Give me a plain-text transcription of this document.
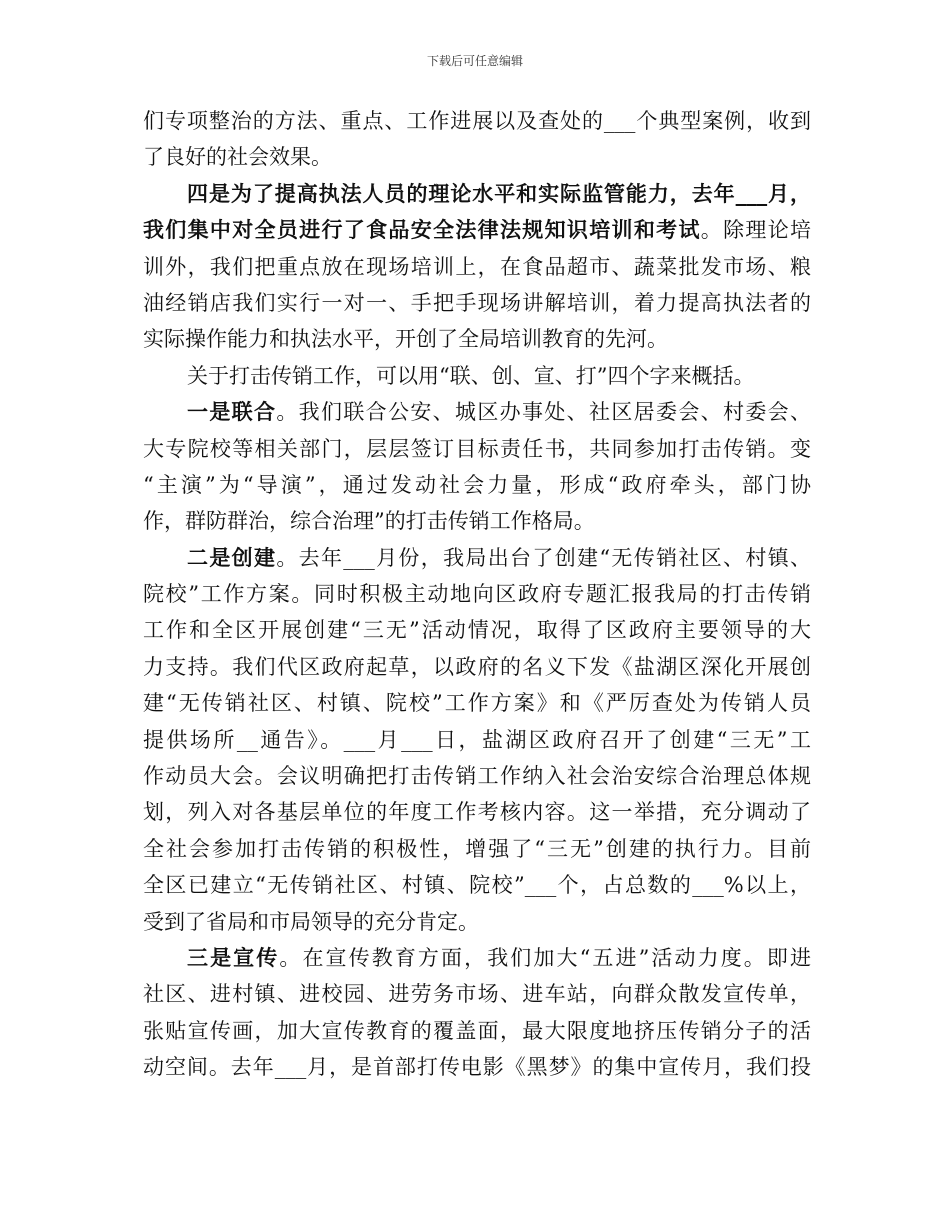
下载后可任意编辑
们专项整治的方法、重点、工作进展以及查处的___个典型案例，收到
了良好的社会效果。
四是为了提高执法人员的理论水平和实际监管能力，去年___月，
我们集中对全员进行了食品安全法律法规知识培训和考试。除理论培
训外，我们把重点放在现场培训上，在食品超市、蔬菜批发市场、粮
油经销店我们实行一对一、手把手现场讲解培训，着力提高执法者的
实际操作能力和执法水平，开创了全局培训教育的先河。
关于打击传销工作，可以用“联、创、宣、打”四个字来概括。
一是联合。我们联合公安、城区办事处、社区居委会、村委会、
大专院校等相关部门，层层签订目标责任书，共同参加打击传销。变
“主演”为“导演”，通过发动社会力量，形成“政府牵头，部门协
作，群防群治，综合治理”的打击传销工作格局。
二是创建。去年___月份，我局出台了创建“无传销社区、村镇、
院校”工作方案。同时积极主动地向区政府专题汇报我局的打击传销
工作和全区开展创建“三无”活动情况，取得了区政府主要领导的大
力支持。我们代区政府起草，以政府的名义下发《盐湖区深化开展创
建“无传销社区、村镇、院校”工作方案》和《严厉查处为传销人员
提供场所__通告》。___月___日，盐湖区政府召开了创建“三无”工
作动员大会。会议明确把打击传销工作纳入社会治安综合治理总体规
划，列入对各基层单位的年度工作考核内容。这一举措，充分调动了
全社会参加打击传销的积极性，增强了“三无”创建的执行力。目前
全区已建立“无传销社区、村镇、院校”___个，占总数的___%以上，
受到了省局和市局领导的充分肯定。
三是宣传。在宣传教育方面，我们加大“五进”活动力度。即进
社区、进村镇、进校园、进劳务市场、进车站，向群众散发宣传单，
张贴宣传画，加大宣传教育的覆盖面，最大限度地挤压传销分子的活
动空间。去年___月，是首部打传电影《黑梦》的集中宣传月，我们投
